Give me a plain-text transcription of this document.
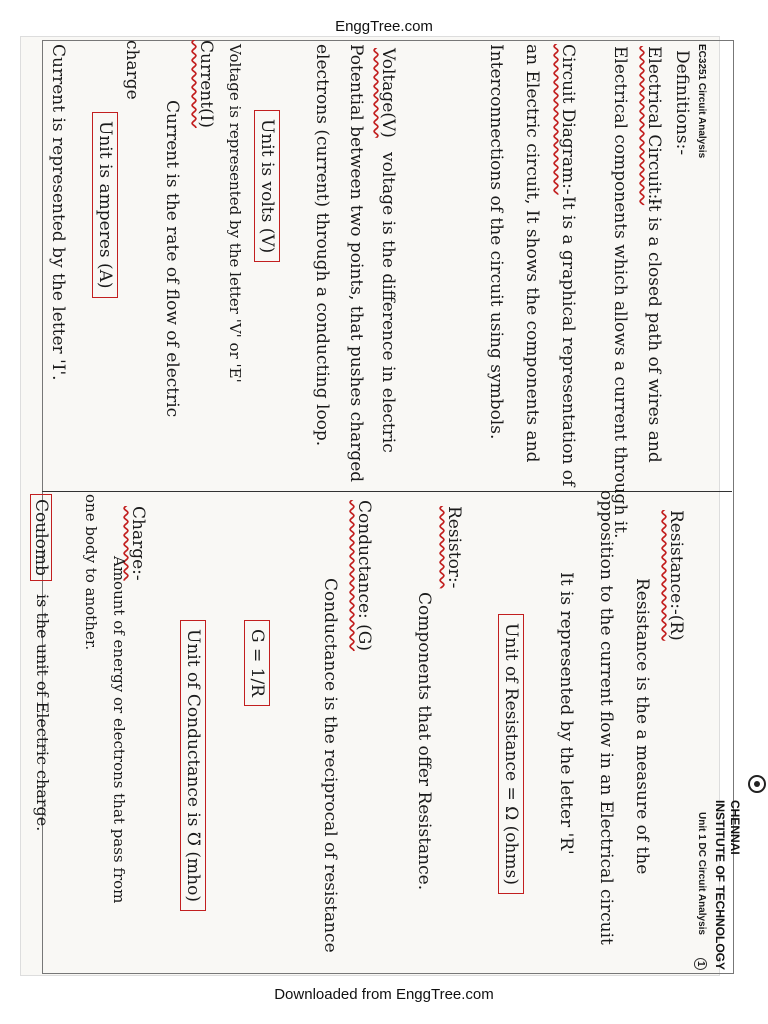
EnggTree.com
EC3251 Circuit Analysis
Unit 1 DC Circuit Analysis
1
Definitions:-
Electrical Circuit:-
It is a closed path of wires and
Electrical components which allows a current through it.
Circuit Diagram:-
It is a graphical representation of
an Electric circuit, It shows the components and
Interconnections of the circuit using symbols.
Voltage(V)
voltage is the difference in electric
Potential between two points, that pushes charged
electrons (current) through a conducting loop.
Unit is volts (V)
Voltage is represented by the letter 'V' or 'E'
Current(I)
Current is the rate of flow of electric
charge
Unit is amperes (A)
Current is represented by the letter 'I'.
Resistance:-(R)
Resistance is the a measure of the
opposition to the current flow in an Electrical circuit
It is represented by the letter 'R'
Unit of Resistance = Ω (ohms)
Resistor:-
Components that offer Resistance.
Conductance: (G)
Conductance is the reciprocal of resistance
G = 1/R
Unit of Conductance is ℧ (mho)
Charge:-
Amount of energy or electrons that pass from
one body to another.
Coulomb
is the unit of Electric charge.	CHENNAI
INSTITUTE OF TECHNOLOGY
Downloaded from EnggTree.com
